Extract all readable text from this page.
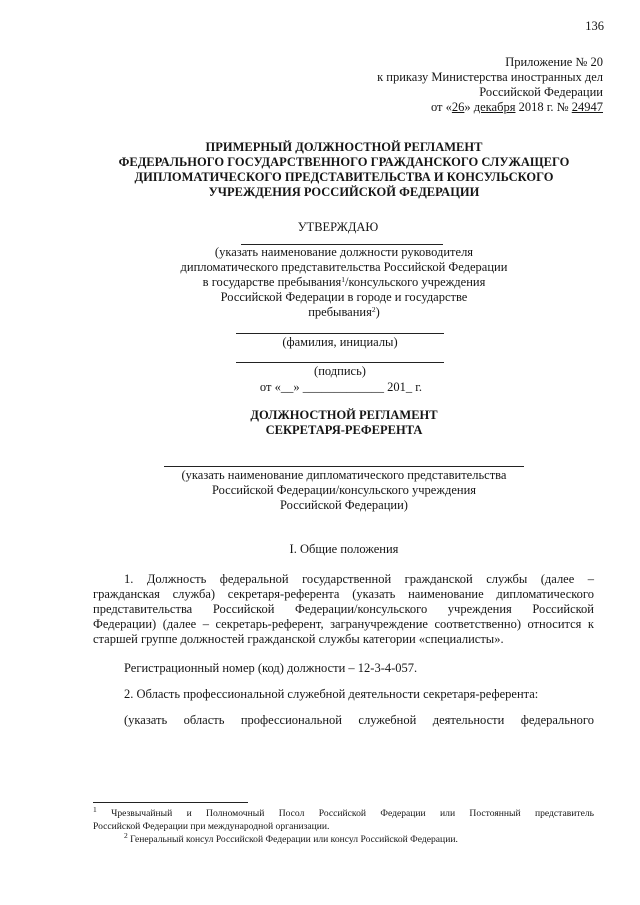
136
Приложение № 20
к приказу Министерства иностранных дел
Российской Федерации
от «26» декабря 2018 г. № 24947
ПРИМЕРНЫЙ ДОЛЖНОСТНОЙ РЕГЛАМЕНТ
ФЕДЕРАЛЬНОГО ГОСУДАРСТВЕННОГО ГРАЖДАНСКОГО СЛУЖАЩЕГО
ДИПЛОМАТИЧЕСКОГО ПРЕДСТАВИТЕЛЬСТВА И КОНСУЛЬСКОГО
УЧРЕЖДЕНИЯ РОССИЙСКОЙ ФЕДЕРАЦИИ
УТВЕРЖДАЮ
(указать наименование должности руководителя
дипломатического представительства Российской Федерации
в государстве пребывания$^1$/консульского учреждения
Российской Федерации в городе и государстве
пребывания$^2$)
(фамилия, инициалы)
(подпись)
от «__» _____________ 201_ г.
ДОЛЖНОСТНОЙ РЕГЛАМЕНТ
СЕКРЕТАРЯ-РЕФЕРЕНТА
(указать наименование дипломатического представительства
Российской Федерации/консульского учреждения
Российской Федерации)
I. Общие положения
1. Должность федеральной государственной гражданской службы (далее –
гражданская служба) секретаря-референта (указать наименование дипломатического
представительства Российской Федерации/консульского учреждения Российской
Федерации) (далее – секретарь-референт, загранучреждение соответственно) относится к
старшей группе должностей гражданской службы категории «специалисты».
Регистрационный номер (код) должности – 12-3-4-057.
2. Область профессиональной служебной деятельности секретаря-референта:
(указать область профессиональной служебной деятельности федерального
$^1$ Чрезвычайный и Полномочный Посол Российской Федерации или Постоянный представитель
Российской Федерации при международной организации.
$^2$ Генеральный консул Российской Федерации или консул Российской Федерации.
